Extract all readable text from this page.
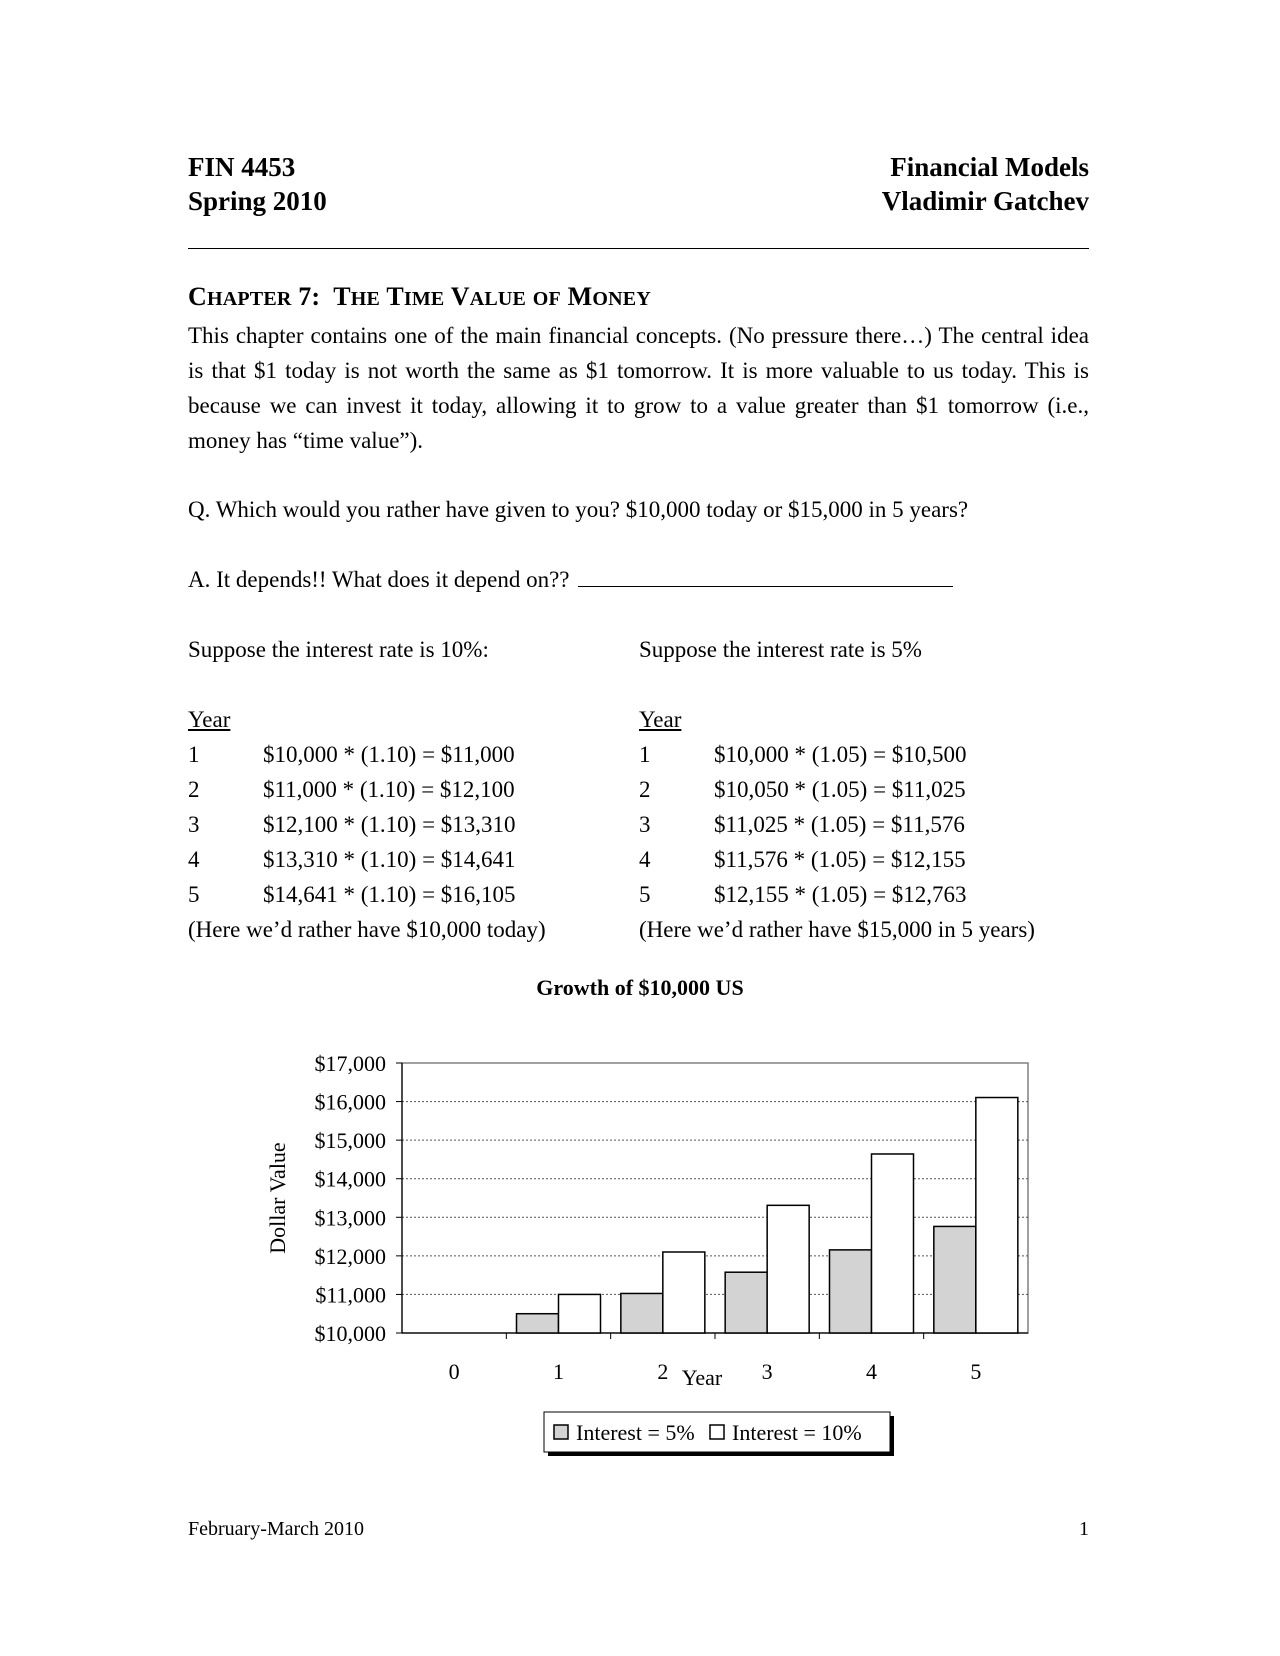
FIN 4453
Spring 2010
Financial Models
Vladimir Gatchev
CHAPTER 7: THE TIME VALUE OF MONEY
This chapter contains one of the main financial concepts. (No pressure there…) The central idea is that $1 today is not worth the same as $1 tomorrow. It is more valuable to us today. This is because we can invest it today, allowing it to grow to a value greater than $1 tomorrow (i.e., money has “time value”).
Q. Which would you rather have given to you? $10,000 today or $15,000 in 5 years?
A. It depends!! What does it depend on??
Suppose the interest rate is 10%:
Year
1	$10,000 * (1.10) = $11,000
2	$11,000 * (1.10) = $12,100
3	$12,100 * (1.10) = $13,310
4	$13,310 * (1.10) = $14,641
5	$14,641 * (1.10) = $16,105
(Here we’d rather have $10,000 today)
Suppose the interest rate is 5%
Year
1	$10,000 * (1.05) = $10,500
2	$10,050 * (1.05) = $11,025
3	$11,025 * (1.05) = $11,576
4	$11,576 * (1.05) = $12,155
5	$12,155 * (1.05) = $12,763
(Here we’d rather have $15,000 in 5 years)
Growth of $10,000 US
$10,000
$11,000
$12,000
$13,000
$14,000
$15,000
$16,000
$17,000
0	1	2	3	4	5
Year
Dollar Value
Interest = 5% Interest = 10%
February-March 2010	1
